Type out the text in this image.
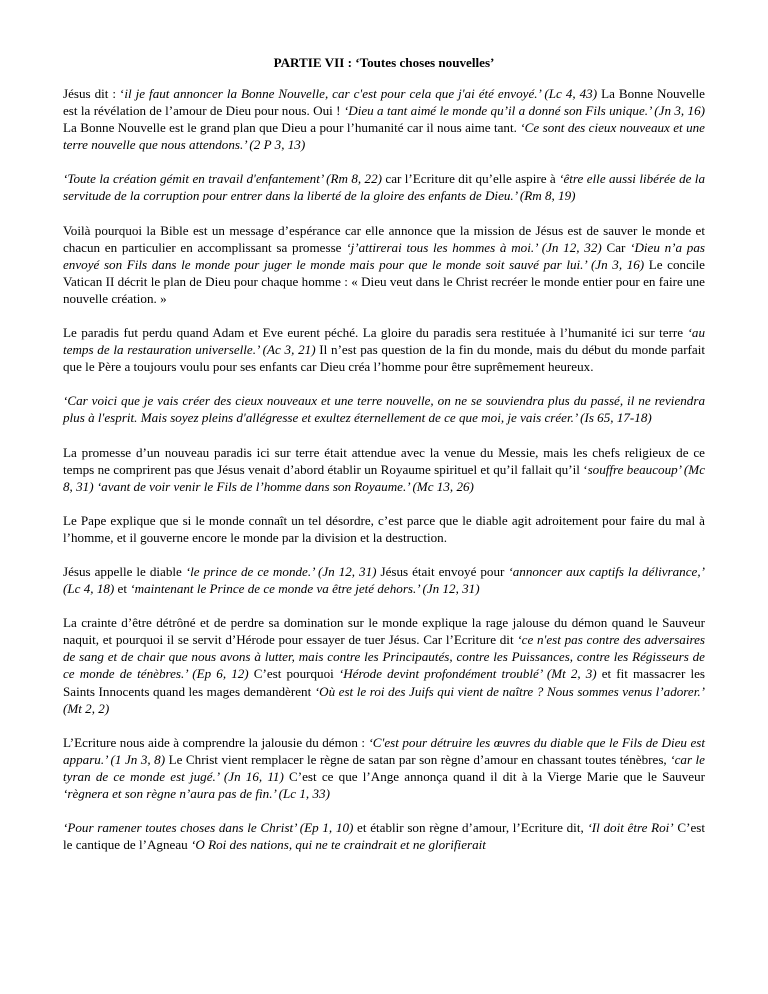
PARTIE VII : ‘Toutes choses nouvelles’

Jésus dit : ‘il je faut annoncer la Bonne Nouvelle, car c'est pour cela que j'ai été envoyé.’ (Lc 4, 43) La Bonne Nouvelle est la révélation de l’amour de Dieu pour nous. Oui ! ‘Dieu a tant aimé le monde qu’il a donné son Fils unique.’ (Jn 3, 16) La Bonne Nouvelle est le grand plan que Dieu a pour l’humanité car il nous aime tant. ‘Ce sont des cieux nouveaux et une terre nouvelle que nous attendons.’ (2 P 3, 13)

‘Toute la création gémit en travail d'enfantement’ (Rm 8, 22) car l’Ecriture dit qu’elle aspire à ‘être elle aussi libérée de la servitude de la corruption pour entrer dans la liberté de la gloire des enfants de Dieu.’ (Rm 8, 19)

Voilà pourquoi la Bible est un message d’espérance car elle annonce que la mission de Jésus est de sauver le monde et chacun en particulier en accomplissant sa promesse ‘j’attirerai tous les hommes à moi.’ (Jn 12, 32) Car ‘Dieu n’a pas envoyé son Fils dans le monde pour juger le monde mais pour que le monde soit sauvé par lui.’ (Jn 3, 16) Le concile Vatican II décrit le plan de Dieu pour chaque homme : « Dieu veut dans le Christ recréer le monde entier pour en faire une nouvelle création. »

Le paradis fut perdu quand Adam et Eve eurent péché. La gloire du paradis sera restituée à l’humanité ici sur terre ‘au temps de la restauration universelle.’ (Ac 3, 21) Il n’est pas question de la fin du monde, mais du début du monde parfait que le Père a toujours voulu pour ses enfants car Dieu créa l’homme pour être suprêmement heureux.

‘Car voici que je vais créer des cieux nouveaux et une terre nouvelle, on ne se souviendra plus du passé, il ne reviendra plus à l'esprit. Mais soyez pleins d'allégresse et exultez éternellement de ce que moi, je vais créer.’ (Is 65, 17-18)

La promesse d’un nouveau paradis ici sur terre était attendue avec la venue du Messie, mais les chefs religieux de ce temps ne comprirent pas que Jésus venait d’abord établir un Royaume spirituel et qu’il fallait qu’il ‘souffre beaucoup’ (Mc 8, 31) ‘avant de voir venir le Fils de l’homme dans son Royaume.’ (Mc 13, 26)

Le Pape explique que si le monde connaît un tel désordre, c’est parce que le diable agit adroitement pour faire du mal à l’homme, et il gouverne encore le monde par la division et la destruction.

Jésus appelle le diable ‘le prince de ce monde.’ (Jn 12, 31) Jésus était envoyé pour ‘annoncer aux captifs la délivrance,’ (Lc 4, 18) et ‘maintenant le Prince de ce monde va être jeté dehors.’ (Jn 12, 31)

La crainte d’être détrôné et de perdre sa domination sur le monde explique la rage jalouse du démon quand le Sauveur naquit, et pourquoi il se servit d’Hérode pour essayer de tuer Jésus. Car l’Ecriture dit ‘ce n'est pas contre des adversaires de sang et de chair que nous avons à lutter, mais contre les Principautés, contre les Puissances, contre les Régisseurs de ce monde de ténèbres.’ (Ep 6, 12) C’est pourquoi ‘Hérode devint profondément troublé’ (Mt 2, 3) et fit massacrer les Saints Innocents quand les mages demandèrent ‘Où est le roi des Juifs qui vient de naître ? Nous sommes venus l’adorer.’ (Mt 2, 2)

L’Ecriture nous aide à comprendre la jalousie du démon : ‘C'est pour détruire les œuvres du diable que le Fils de Dieu est apparu.’ (1 Jn 3, 8) Le Christ vient remplacer le règne de satan par son règne d’amour en chassant toutes ténèbres, ‘car le tyran de ce monde est jugé.’ (Jn 16, 11) C’est ce que l’Ange annonça quand il dit à la Vierge Marie que le Sauveur ‘règnera et son règne n’aura pas de fin.’ (Lc 1, 33)

‘Pour ramener toutes choses dans le Christ’ (Ep 1, 10) et établir son règne d’amour, l’Ecriture dit, ‘Il doit être Roi’ C’est le cantique de l’Agneau ‘O Roi des nations, qui ne te craindrait et ne glorifierait
